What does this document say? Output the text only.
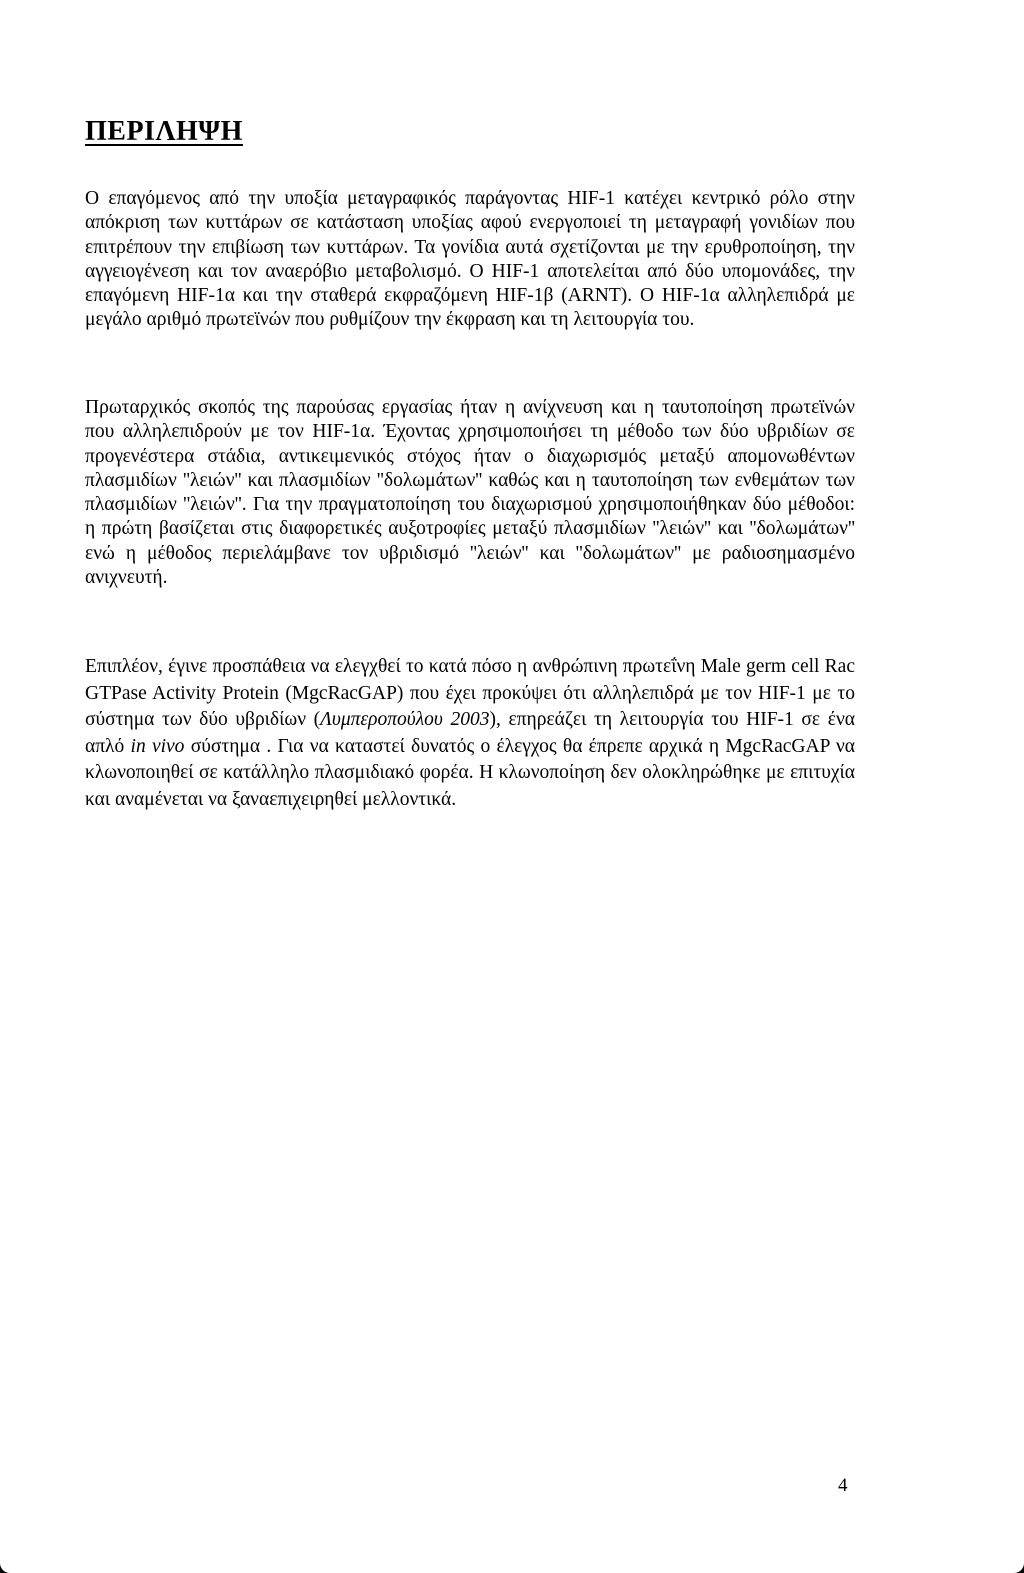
ΠΕΡΙΛΗΨΗ

Ο επαγόμενος από την υποξία μεταγραφικός παράγοντας HIF-1 κατέχει κεντρικό ρόλο στην απόκριση των κυττάρων σε κατάσταση υποξίας αφού ενεργοποιεί τη μεταγραφή γονιδίων που επιτρέπουν την επιβίωση των κυττάρων. Τα γονίδια αυτά σχετίζονται με την ερυθροποίηση, την αγγειογένεση και τον αναερόβιο μεταβολισμό. Ο HIF-1 αποτελείται από δύο υπομονάδες, την επαγόμενη HIF-1α και την σταθερά εκφραζόμενη HIF-1β (ARNT). Ο HIF-1α αλληλεπιδρά με μεγάλο αριθμό πρωτεϊνών που ρυθμίζουν την έκφραση και τη λειτουργία του.

Πρωταρχικός σκοπός της παρούσας εργασίας ήταν η ανίχνευση και η ταυτοποίηση πρωτεϊνών που αλληλεπιδρούν με τον HIF-1α. Έχοντας χρησιμοποιήσει τη μέθοδο των δύο υβριδίων σε προγενέστερα στάδια, αντικειμενικός στόχος ήταν ο διαχωρισμός μεταξύ απομονωθέντων πλασμιδίων ''λειών'' και πλασμιδίων ''δολωμάτων'' καθώς και η ταυτοποίηση των ενθεμάτων των πλασμιδίων ''λειών''. Για την πραγματοποίηση του διαχωρισμού χρησιμοποιήθηκαν δύο μέθοδοι: η πρώτη βασίζεται στις διαφορετικές αυξοτροφίες μεταξύ πλασμιδίων ''λειών'' και ''δολωμάτων'' ενώ η μέθοδος περιελάμβανε τον υβριδισμό ''λειών'' και ''δολωμάτων'' με ραδιοσημασμένο ανιχνευτή.

Επιπλέον, έγινε προσπάθεια να ελεγχθεί το κατά πόσο η ανθρώπινη πρωτεΐνη Male germ cell Rac GTPase Activity Protein (MgcRacGAP) που έχει προκύψει ότι αλληλεπιδρά με τον HIF-1 με το σύστημα των δύο υβριδίων (Λυμπεροπούλου 2003), επηρεάζει τη λειτουργία του HIF-1 σε ένα απλό in vivo σύστημα . Για να καταστεί δυνατός ο έλεγχος θα έπρεπε αρχικά η MgcRacGAP να κλωνοποιηθεί σε κατάλληλο πλασμιδιακό φορέα. Η κλωνοποίηση δεν ολοκληρώθηκε με επιτυχία και αναμένεται να ξαναεπιχειρηθεί μελλοντικά.

4
